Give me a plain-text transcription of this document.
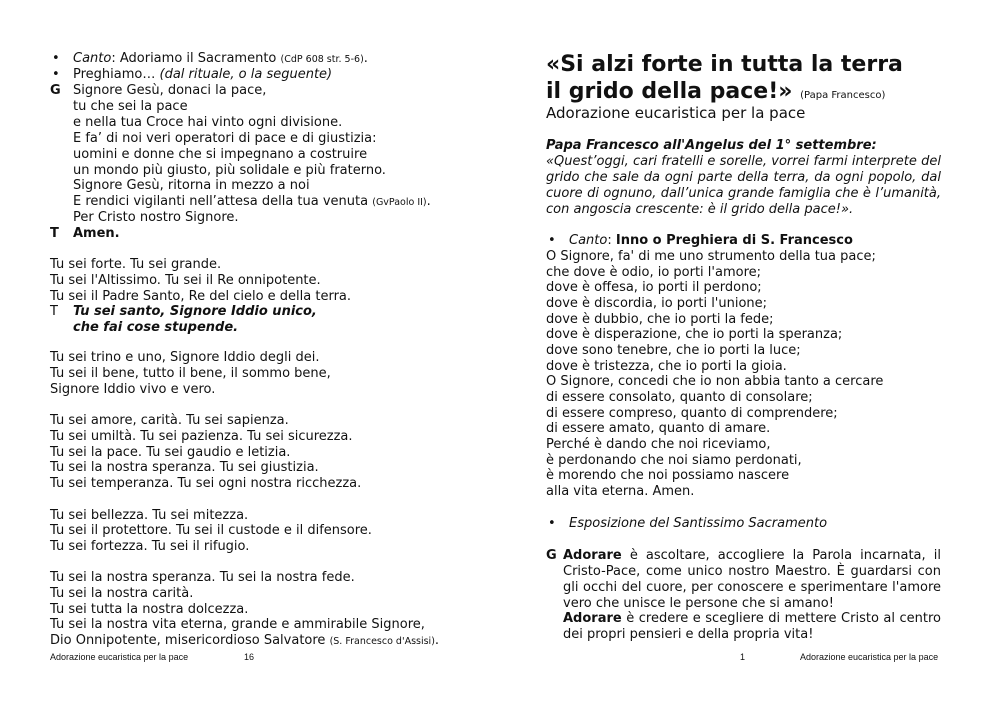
• Canto: Adoriamo il Sacramento (CdP 608 str. 5-6).
• Preghiamo… (dal rituale, o la seguente)
G Signore Gesù, donaci la pace,
tu che sei la pace
e nella tua Croce hai vinto ogni divisione.
E fa’ di noi veri operatori di pace e di giustizia:
uomini e donne che si impegnano a costruire
un mondo più giusto, più solidale e più fraterno.
Signore Gesù, ritorna in mezzo a noi
E rendici vigilanti nell’attesa della tua venuta (GvPaolo II).
Per Cristo nostro Signore.
T Amen.
Tu sei forte. Tu sei grande.
Tu sei l'Altissimo. Tu sei il Re onnipotente.
Tu sei il Padre Santo, Re del cielo e della terra.
T Tu sei santo, Signore Iddio unico,
che fai cose stupende.
Tu sei trino e uno, Signore Iddio degli dei.
Tu sei il bene, tutto il bene, il sommo bene,
Signore Iddio vivo e vero.
Tu sei amore, carità. Tu sei sapienza.
Tu sei umiltà. Tu sei pazienza. Tu sei sicurezza.
Tu sei la pace. Tu sei gaudio e letizia.
Tu sei la nostra speranza. Tu sei giustizia.
Tu sei temperanza. Tu sei ogni nostra ricchezza.
Tu sei bellezza. Tu sei mitezza.
Tu sei il protettore. Tu sei il custode e il difensore.
Tu sei fortezza. Tu sei il rifugio.
Tu sei la nostra speranza. Tu sei la nostra fede.
Tu sei la nostra carità.
Tu sei tutta la nostra dolcezza.
Tu sei la nostra vita eterna, grande e ammirabile Signore,
Dio Onnipotente, misericordioso Salvatore (S. Francesco d'Assisi).
Adorazione eucaristica per la pace	16
«Si alzi forte in tutta la terra
il grido della pace!» (Papa Francesco)
Adorazione eucaristica per la pace
Papa Francesco all'Angelus del 1° settembre:
«Quest’oggi, cari fratelli e sorelle, vorrei farmi interprete del grido che sale da ogni parte della terra, da ogni popolo, dal cuore di ognuno, dall’unica grande famiglia che è l’umanità, con angoscia crescente: è il grido della pace!».
• Canto: Inno o Preghiera di S. Francesco
O Signore, fa' di me uno strumento della tua pace;
che dove è odio, io porti l'amore;
dove è offesa, io porti il perdono;
dove è discordia, io porti l'unione;
dove è dubbio, che io porti la fede;
dove è disperazione, che io porti la speranza;
dove sono tenebre, che io porti la luce;
dove è tristezza, che io porti la gioia.
O Signore, concedi che io non abbia tanto a cercare
di essere consolato, quanto di consolare;
di essere compreso, quanto di comprendere;
di essere amato, quanto di amare.
Perché è dando che noi riceviamo,
è perdonando che noi siamo perdonati,
è morendo che noi possiamo nascere
alla vita eterna. Amen.
• Esposizione del Santissimo Sacramento
G Adorare è ascoltare, accogliere la Parola incarnata, il Cristo-Pace, come unico nostro Maestro. È guardarsi con gli occhi del cuore, per conoscere e sperimentare l'amore vero che unisce le persone che si amano!
Adorare è credere e scegliere di mettere Cristo al centro dei propri pensieri e della propria vita!
1	Adorazione eucaristica per la pace
